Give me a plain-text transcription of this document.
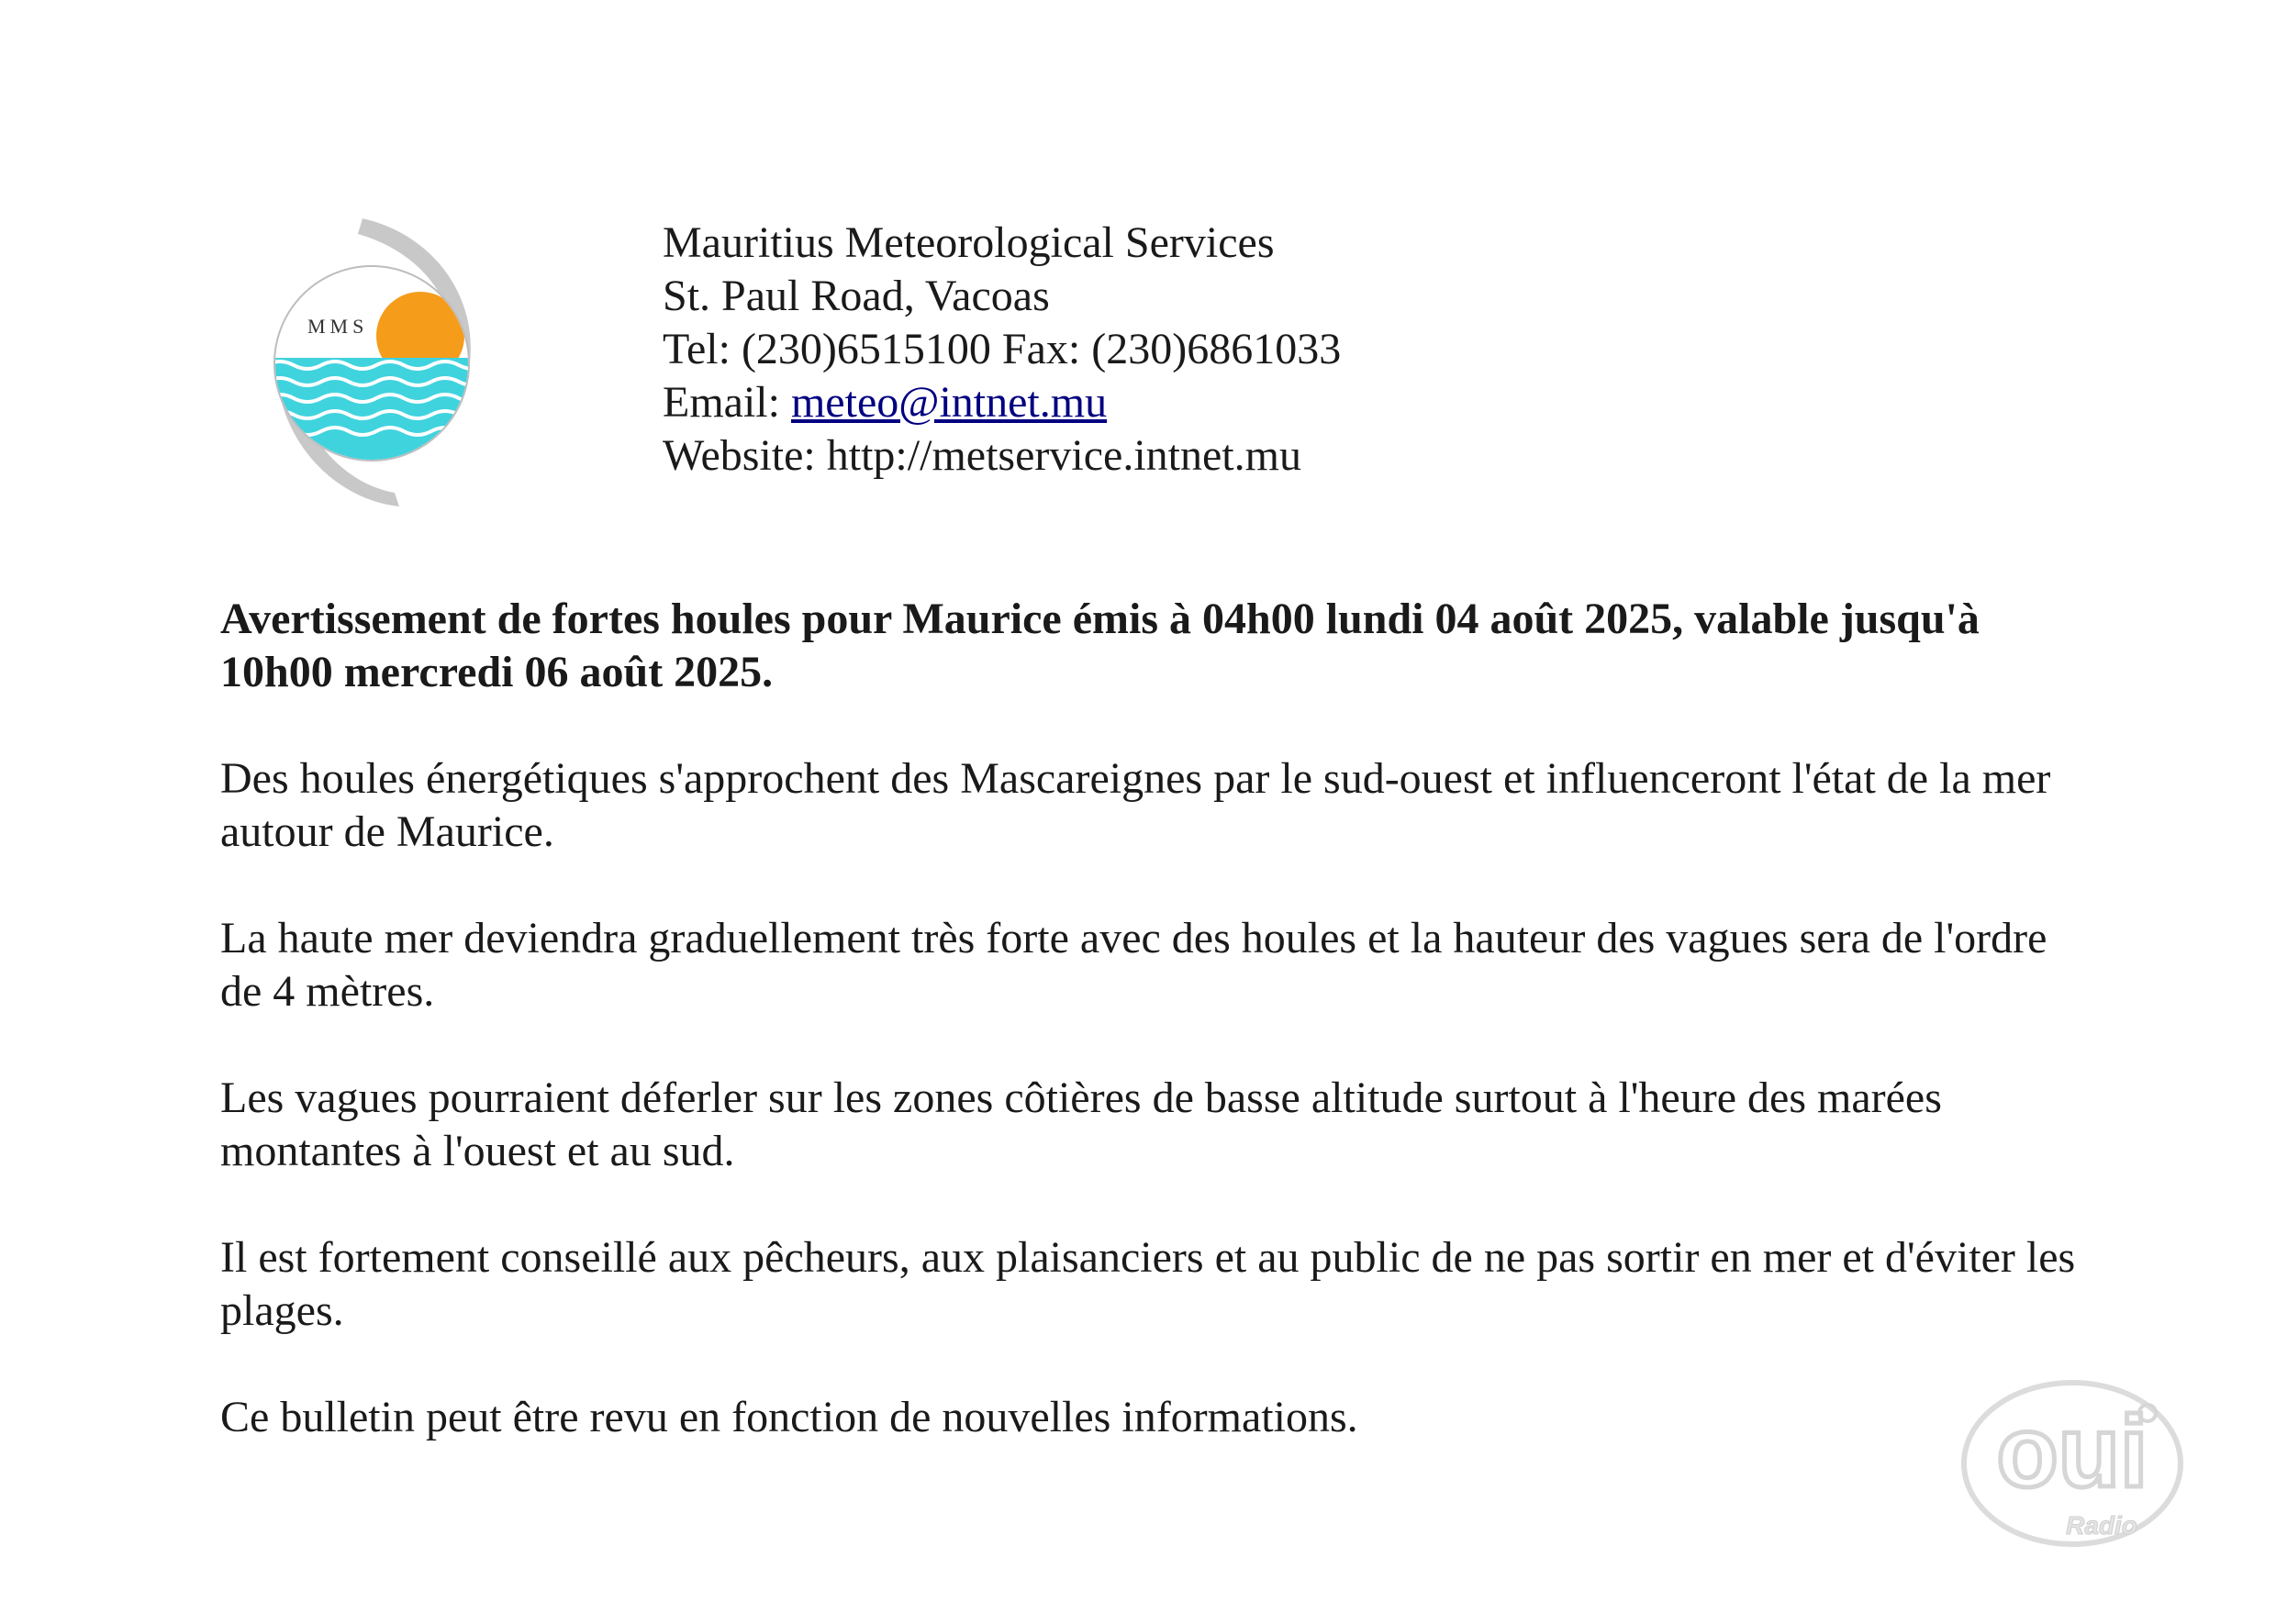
MMS
Mauritius Meteorological Services
St. Paul Road, Vacoas
Tel: (230)6515100 Fax: (230)6861033
Email: meteo@intnet.mu
Website: http://metservice.intnet.mu

Avertissement de fortes houles pour Maurice émis à 04h00 lundi 04 août 2025, valable jusqu'à 10h00 mercredi 06 août 2025.

Des houles énergétiques s'approchent des Mascareignes par le sud-ouest et influenceront l'état de la mer autour de Maurice.

La haute mer deviendra graduellement très forte avec des houles et la hauteur des vagues sera de l'ordre de 4 mètres.

Les vagues pourraient déferler sur les zones côtières de basse altitude surtout à l'heure des marées montantes à l'ouest et au sud.

Il est fortement conseillé aux pêcheurs, aux plaisanciers et au public de ne pas sortir en mer et d'éviter les plages.

Ce bulletin peut être revu en fonction de nouvelles informations.	oui
Radio
